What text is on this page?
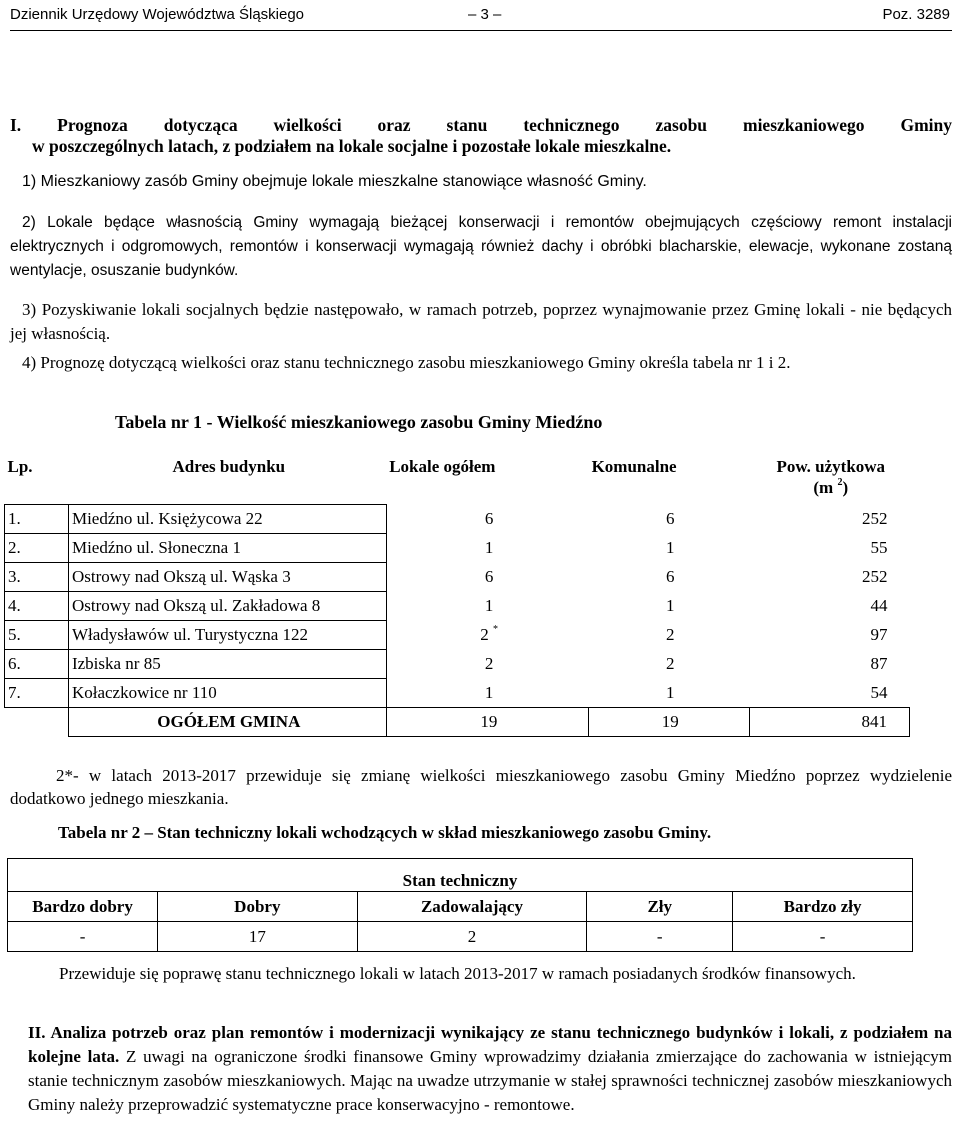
Dziennik Urzędowy Województwa Śląskiego	– 3 –	Poz. 3289
I. Prognoza dotycząca wielkości oraz stanu technicznego zasobu mieszkaniowego Gminy
w poszczególnych latach, z podziałem na lokale socjalne i pozostałe lokale mieszkalne.
1) Mieszkaniowy zasób Gminy obejmuje lokale mieszkalne stanowiące własność Gminy.
2) Lokale będące własnością Gminy wymagają bieżącej konserwacji i remontów obejmujących częściowy remont instalacji elektrycznych i odgromowych, remontów i konserwacji wymagają również dachy i obróbki blacharskie, elewacje, wykonane zostaną wentylacje, osuszanie budynków.
3) Pozyskiwanie lokali socjalnych będzie następowało, w ramach potrzeb, poprzez wynajmowanie przez Gminę lokali - nie będących jej własnością.
4) Prognozę dotyczącą wielkości oraz stanu technicznego zasobu mieszkaniowego Gminy określa tabela nr 1 i 2.
Tabela nr 1 - Wielkość mieszkaniowego zasobu Gminy Miedźno
Lp.	Adres budynku	Lokale ogółem	Komunalne	Pow. użytkowa
(m $^2$)
1.	Miedźno ul. Księżycowa 22	6	6	252
2.	Miedźno ul. Słoneczna 1	1	1	55
3.	Ostrowy nad Okszą ul. Wąska 3	6	6	252
4.	Ostrowy nad Okszą ul. Zakładowa 8	1	1	44
5.	Władysławów ul. Turystyczna 122	2 *	2	97
6.	Izbiska nr 85	2	2	87
7.	Kołaczkowice nr 110	1	1	54
	OGÓŁEM GMINA	19	19	841
2*- w latach 2013-2017 przewiduje się zmianę wielkości mieszkaniowego zasobu Gminy Miedźno poprzez wydzielenie dodatkowo jednego mieszkania.
Tabela nr 2 – Stan techniczny lokali wchodzących w skład mieszkaniowego zasobu Gminy.
Stan techniczny				
Bardzo dobry	Dobry	Zadowalający	Zły	Bardzo zły
-	17	2	-	-
Przewiduje się poprawę stanu technicznego lokali w latach 2013-2017 w ramach posiadanych środków finansowych.
II. Analiza potrzeb oraz plan remontów i modernizacji wynikający ze stanu technicznego budynków i lokali, z podziałem na kolejne lata. Z uwagi na ograniczone środki finansowe Gminy wprowadzimy działania zmierzające do zachowania w istniejącym stanie technicznym zasobów mieszkaniowych. Mając na uwadze utrzymanie w stałej sprawności technicznej zasobów mieszkaniowych Gminy należy przeprowadzić systematyczne prace konserwacyjno - remontowe.
